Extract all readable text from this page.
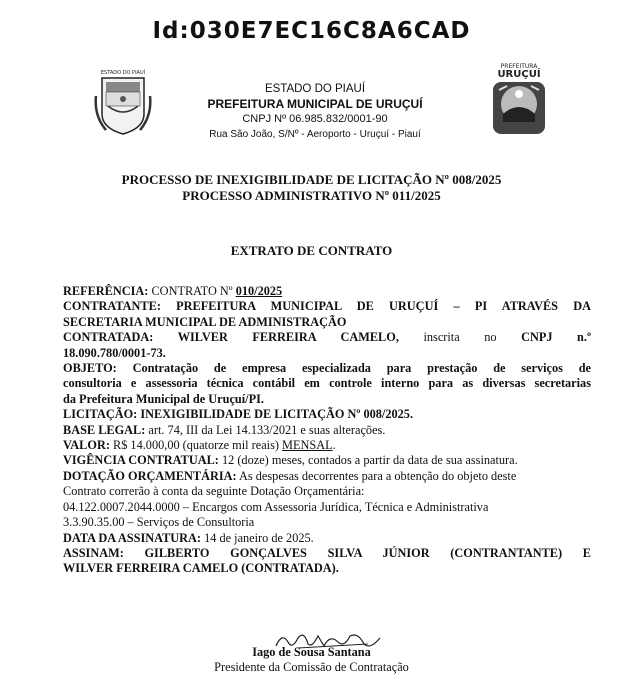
Id:030E7EC16C8A6CAD
ESTADO DO PIAUÍ
ESTADO DO PIAUÍ
PREFEITURA MUNICIPAL DE URUÇUÍ
CNPJ Nº 06.985.832/0001-90
Rua São João, S/Nº - Aeroporto - Uruçuí - Piauí
PREFEITURA
URUÇUÍ
PROCESSO DE INEXIGIBILIDADE DE LICITAÇÃO Nº 008/2025
PROCESSO ADMINISTRATIVO Nº 011/2025
EXTRATO DE CONTRATO
REFERÊNCIA: CONTRATO Nº 010/2025
CONTRATANTE: PREFEITURA MUNICIPAL DE URUÇUÍ – PI ATRAVÉS DA
SECRETARIA MUNICIPAL DE ADMINISTRAÇÃO
CONTRATADA: WILVER FERREIRA CAMELO, inscrita no CNPJ n.º
18.090.780/0001-73.
OBJETO: Contratação de empresa especializada para prestação de serviços de
consultoria e assessoria técnica contábil em controle interno para as diversas secretarias
da Prefeitura Municipal de Uruçuí/PI.
LICITAÇÃO: INEXIGIBILIDADE DE LICITAÇÃO Nº 008/2025.
BASE LEGAL: art. 74, III da Lei 14.133/2021 e suas alterações.
VALOR: R$ 14.000,00 (quatorze mil reais) MENSAL.
VIGÊNCIA CONTRATUAL: 12 (doze) meses, contados a partir da data de sua assinatura.
DOTAÇÃO ORÇAMENTÁRIA: As despesas decorrentes para a obtenção do objeto deste
Contrato correrão à conta da seguinte Dotação Orçamentária:
04.122.0007.2044.0000 – Encargos com Assessoria Jurídica, Técnica e Administrativa
3.3.90.35.00 – Serviços de Consultoria
DATA DA ASSINATURA: 14 de janeiro de 2025.
ASSINAM: GILBERTO GONÇALVES SILVA JÚNIOR (CONTRANTANTE) E
WILVER FERREIRA CAMELO (CONTRATADA).
Iago de Sousa Santana
Presidente da Comissão de Contratação
